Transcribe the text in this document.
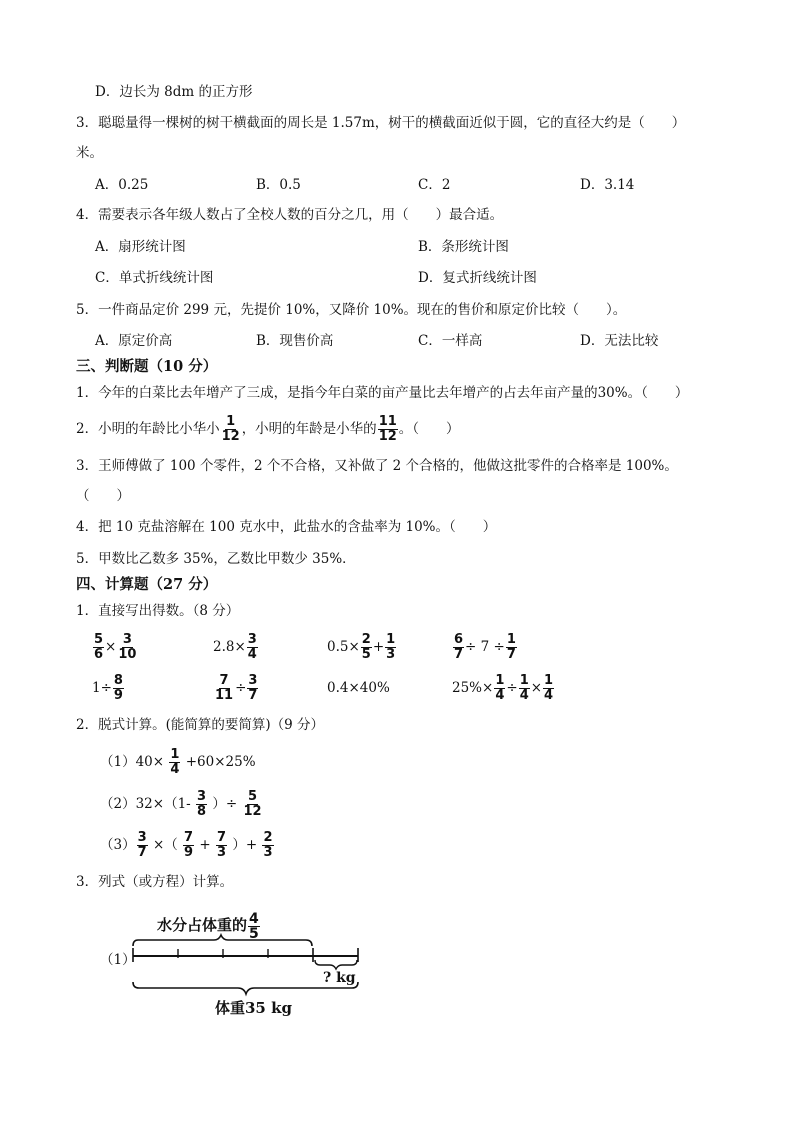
D．边长为 8dm 的正方形
3．聪聪量得一棵树的树干横截面的周长是 1.57m，树干的横截面近似于圆，它的直径大约是（　　）
米。
A．0.25	B．0.5	C．2	D．3.14
4．需要表示各年级人数占了全校人数的百分之几，用（　　）最合适。
A．扇形统计图	B．条形统计图
C．单式折线统计图	D．复式折线统计图
5．一件商品定价 299 元，先提价 10%，又降价 10%。现在的售价和原定价比较（　　）。
A．原定价高	B．现售价高	C．一样高	D．无法比较
三、判断题（10 分）
1．今年的白菜比去年增产了三成，是指今年白菜的亩产量比去年增产的占去年亩产量的30%。（　　）
2．小明的年龄比小华小 $\frac{1}{12}$ ，小明的年龄是小华的 $\frac{11}{12}$ 。（　　）
3．王师傅做了 100 个零件，2 个不合格，又补做了 2 个合格的，他做这批零件的合格率是 100%。
（　　）
4．把 10 克盐溶解在 100 克水中，此盐水的含盐率为 10%。（　　）
5．甲数比乙数多 35%，乙数比甲数少 35%．
四、计算题（27 分）
1．直接写出得数。（8 分）
$\frac{5}{6} \times \frac{3}{10}$	$2.8\times \frac{3}{4}$	$0.5\times \frac{2}{5} + \frac{1}{3}$	$\frac{6}{7} \div 7 \div \frac{1}{7}$
$1\div \frac{8}{9}$	$\frac{7}{11} \div \frac{3}{7}$	0.4×40%	$25\%\times \frac{1}{4} \div \frac{1}{4} \times \frac{1}{4}$
2．脱式计算。(能简算的要简算)（9 分）
$(1)40\times \frac{1}{4} +60\times 25\%$
$(2)32\times(1- \frac{3}{8}$ ）÷ $\frac{5}{12}$
$(3) \frac{3}{7}$ ×（ $\frac{7}{9} + \frac{7}{3}$ ）+ $\frac{2}{3}$
3．列式（或方程）计算。
水分占体重的 $\frac{4}{5}$
（1）
? kg
体重35 kg
